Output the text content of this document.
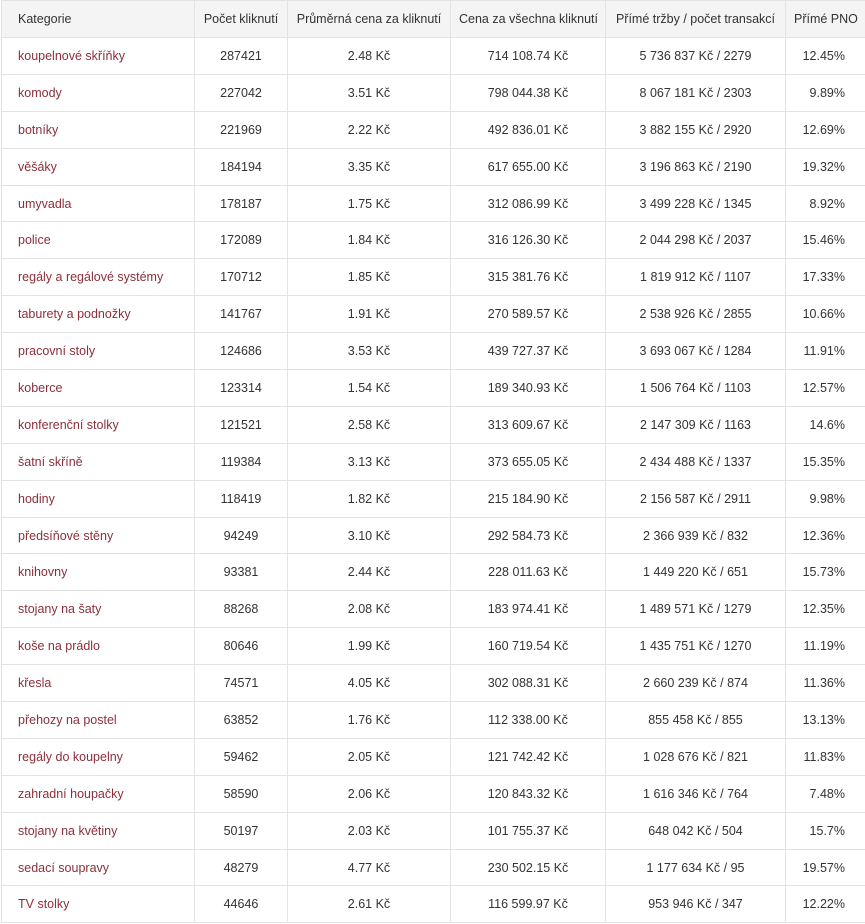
Kategorie	Počet kliknutí	Průměrná cena za kliknutí	Cena za všechna kliknutí	Přímé tržby / počet transakcí	Přímé PNO
koupelnové skříňky	287421	2.48 Kč	714 108.74 Kč	5 736 837 Kč / 2279	12.45%
komody	227042	3.51 Kč	798 044.38 Kč	8 067 181 Kč / 2303	9.89%
botníky	221969	2.22 Kč	492 836.01 Kč	3 882 155 Kč / 2920	12.69%
věšáky	184194	3.35 Kč	617 655.00 Kč	3 196 863 Kč / 2190	19.32%
umyvadla	178187	1.75 Kč	312 086.99 Kč	3 499 228 Kč / 1345	8.92%
police	172089	1.84 Kč	316 126.30 Kč	2 044 298 Kč / 2037	15.46%
regály a regálové systémy	170712	1.85 Kč	315 381.76 Kč	1 819 912 Kč / 1107	17.33%
taburety a podnožky	141767	1.91 Kč	270 589.57 Kč	2 538 926 Kč / 2855	10.66%
pracovní stoly	124686	3.53 Kč	439 727.37 Kč	3 693 067 Kč / 1284	11.91%
koberce	123314	1.54 Kč	189 340.93 Kč	1 506 764 Kč / 1103	12.57%
konferenční stolky	121521	2.58 Kč	313 609.67 Kč	2 147 309 Kč / 1163	14.6%
šatní skříně	119384	3.13 Kč	373 655.05 Kč	2 434 488 Kč / 1337	15.35%
hodiny	118419	1.82 Kč	215 184.90 Kč	2 156 587 Kč / 2911	9.98%
předsíňové stěny	94249	3.10 Kč	292 584.73 Kč	2 366 939 Kč / 832	12.36%
knihovny	93381	2.44 Kč	228 011.63 Kč	1 449 220 Kč / 651	15.73%
stojany na šaty	88268	2.08 Kč	183 974.41 Kč	1 489 571 Kč / 1279	12.35%
koše na prádlo	80646	1.99 Kč	160 719.54 Kč	1 435 751 Kč / 1270	11.19%
křesla	74571	4.05 Kč	302 088.31 Kč	2 660 239 Kč / 874	11.36%
přehozy na postel	63852	1.76 Kč	112 338.00 Kč	855 458 Kč / 855	13.13%
regály do koupelny	59462	2.05 Kč	121 742.42 Kč	1 028 676 Kč / 821	11.83%
zahradní houpačky	58590	2.06 Kč	120 843.32 Kč	1 616 346 Kč / 764	7.48%
stojany na květiny	50197	2.03 Kč	101 755.37 Kč	648 042 Kč / 504	15.7%
sedací soupravy	48279	4.77 Kč	230 502.15 Kč	1 177 634 Kč / 95	19.57%
TV stolky	44646	2.61 Kč	116 599.97 Kč	953 946 Kč / 347	12.22%
